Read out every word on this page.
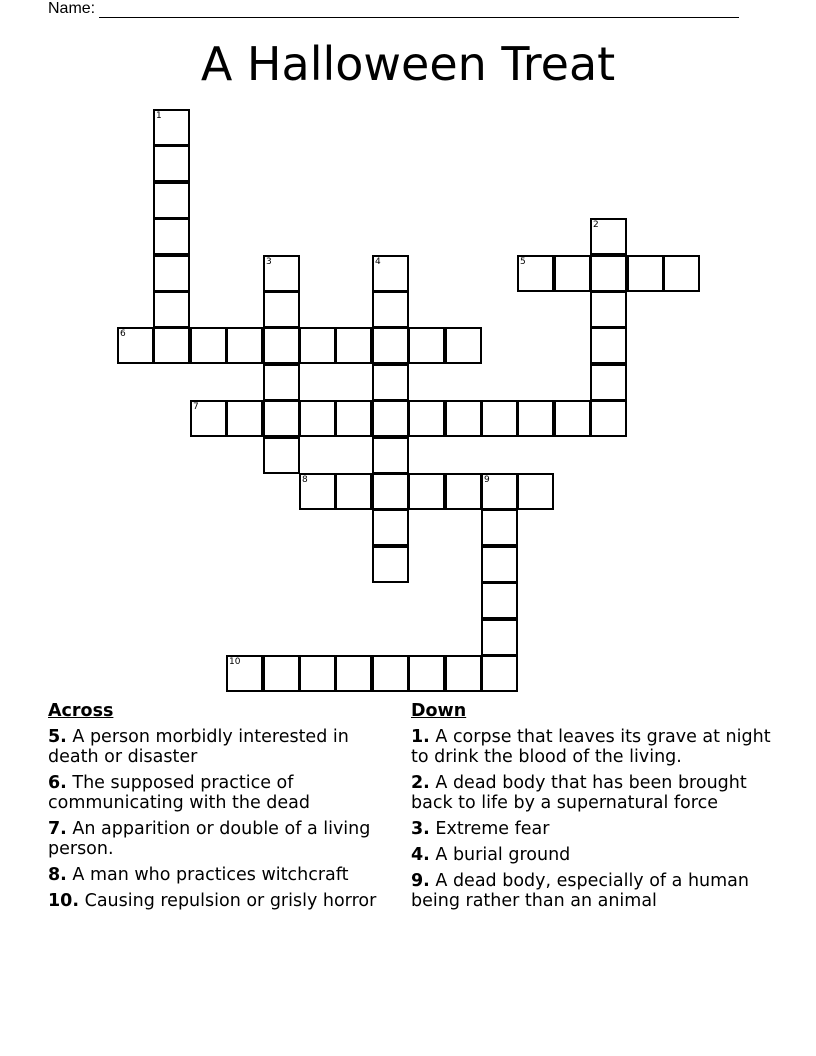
Name:
A Halloween Treat
1
2
3	4	5
6
7
8	9
10
Across
5. A person morbidly interested in death or disaster
6. The supposed practice of communicating with the dead
7. An apparition or double of a living person.
8. A man who practices witchcraft
10. Causing repulsion or grisly horror
Down
1. A corpse that leaves its grave at night to drink the blood of the living.
2. A dead body that has been brought back to life by a supernatural force
3. Extreme fear
4. A burial ground
9. A dead body, especially of a human being rather than an animal
